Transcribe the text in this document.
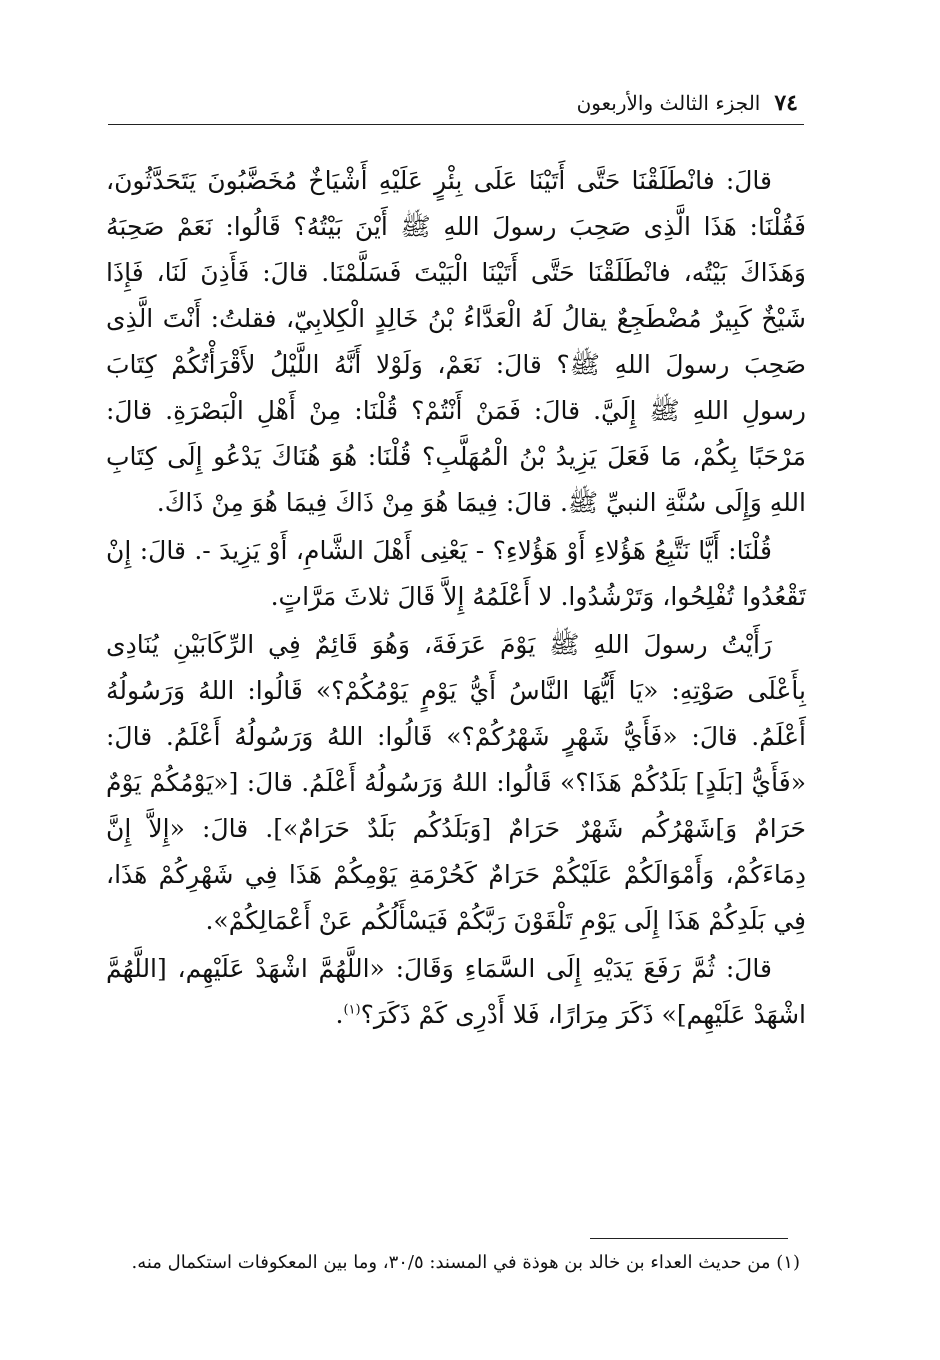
٧٤
الجزء الثالث والأربعون

قالَ: فانْطَلَقْنَا حَتَّى أَتَيْنَا عَلَى بِئْرٍ عَلَيْهِ أَشْيَاخٌ مُخَضَّبُونَ يَتَحَدَّثُونَ، فَقُلْنَا: هَذَا الَّذِى صَحِبَ رسولَ اللهِ ﷺ أَيْنَ بَيْتُهُ؟ قَالُوا: نَعَمْ صَحِبَهُ وَهَذَاكَ بَيْتُه، فانْطَلَقْنَا حَتَّى أَتَيْنَا الْبَيْتَ فَسَلَّمْنَا. قالَ: فَأَذِنَ لَنَا، فَإِذَا شَيْخٌ كَبِيرٌ مُضْطَجِعٌ يقالُ لَهُ الْعَدَّاءُ بْنُ خَالِدٍ الْكِلابِيّ، فقلتُ: أَنْتَ الَّذِى صَحِبَ رسولَ اللهِ ﷺ؟ قالَ: نَعَمْ، وَلَوْلا أَنَّهُ اللَّيْلُ لأَقْرَأْتُكُمْ كِتَابَ رسولِ اللهِ ﷺ إِلَيَّ. قالَ: فَمَنْ أَنْتُمْ؟ قُلْنَا: مِنْ أَهْلِ الْبَصْرَةِ. قالَ: مَرْحَبًا بِكُمْ، مَا فَعَلَ يَزِيدُ بْنُ الْمُهَلَّبِ؟ قُلْنَا: هُوَ هُنَاكَ يَدْعُو إِلَى كِتَابِ اللهِ وَإِلَى سُنَّةِ النبيِّ ﷺ. قالَ: فِيمَا هُوَ مِنْ ذَاكَ فِيمَا هُوَ مِنْ ذَاكَ.

قُلْنَا: أَيَّا نَتَّبِعُ هَؤُلاءِ أَوْ هَؤُلاءِ؟ - يَعْنِى أَهْلَ الشَّامِ، أَوْ يَزِيدَ -. قالَ: إِنْ تَقْعُدُوا تُفْلِحُوا، وَتَرْشُدُوا. لا أَعْلَمُهُ إِلاَّ قَالَ ثلاثَ مَرَّاتٍ.

رَأَيْتُ رسولَ اللهِ ﷺ يَوْمَ عَرَفَةَ، وَهُوَ قَائِمٌ فِي الرِّكَابَيْنِ يُنَادِى بِأَعْلَى صَوْتِهِ: «يَا أَيُّهَا النَّاسُ أَيُّ يَوْمٍ يَوْمُكُمْ؟» قَالُوا: اللهُ وَرَسُولُهُ أَعْلَمُ. قالَ: «فَأَيُّ شَهْرٍ شَهْرُكُمْ؟» قَالُوا: اللهُ وَرَسُولُهُ أَعْلَمُ. قالَ: «فَأَيُّ [بَلَدٍ] بَلَدُكُمْ هَذَا؟» قَالُوا: اللهُ وَرَسُولُهُ أَعْلَمُ. قالَ: [«يَوْمُكُمْ يَوْمٌ حَرَامٌ وَ]شَهْرُكُم شَهْرٌ حَرَامٌ [وَبَلَدُكُم بَلَدٌ حَرَامٌ»]. قالَ: «إِلاَّ إِنَّ دِمَاءَكُمْ، وَأَمْوَالَكُمْ عَلَيْكُمْ حَرَامٌ كَحُرْمَةِ يَوْمِكُمْ هَذَا فِي شَهْرِكُمْ هَذَا، فِي بَلَدِكُمْ هَذَا إِلَى يَوْمِ تَلْقَوْنَ رَبَّكُمْ فَيَسْأَلُكُم عَنْ أَعْمَالِكُمْ».

قالَ: ثُمَّ رَفَعَ يَدَيْهِ إِلَى السَّمَاءِ وَقَالَ: «اللَّهُمَّ اشْهَدْ عَلَيْهِم، [اللَّهُمَّ اشْهَدْ عَلَيْهِم]» ذَكَرَ مِرَارًا، فَلا أَدْرِى كَمْ ذَكَرَ؟$^{(١)}$.

(١) من حديث العداء بن خالد بن هوذة في المسند: ٣٠/٥، وما بين المعكوفات استكمال منه.
